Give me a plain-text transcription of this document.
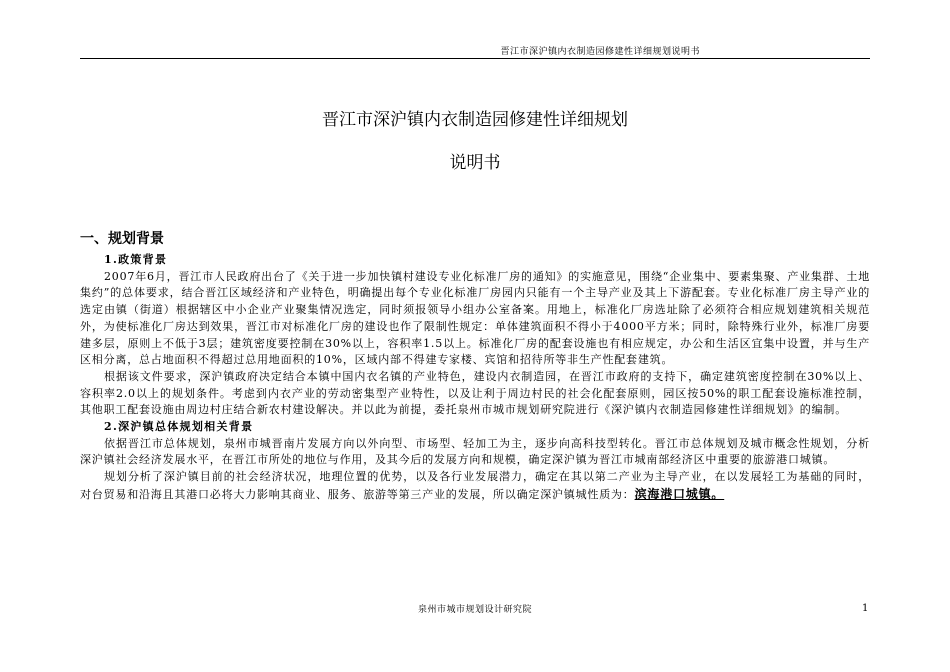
晋江市深沪镇内衣制造园修建性详细规划说明书
晋江市深沪镇内衣制造园修建性详细规划
说明书
一、规划背景

1.政策背景

2007年6月，晋江市人民政府出台了《关于进一步加快镇村建设专业化标准厂房的通知》的实施意见，围绕“企业集中、要素集聚、产业集群、土地集约”的总体要求，结合晋江区域经济和产业特色，明确提出每个专业化标准厂房园内只能有一个主导产业及其上下游配套。专业化标准厂房主导产业的选定由镇（街道）根据辖区中小企业产业聚集情况选定，同时须报领导小组办公室备案。用地上，标准化厂房选址除了必须符合相应规划建筑相关规范外，为使标准化厂房达到效果，晋江市对标准化厂房的建设也作了限制性规定：单体建筑面积不得小于4000平方米；同时，除特殊行业外，标准厂房要建多层，原则上不低于3层；建筑密度要控制在30%以上，容积率1.5以上。标准化厂房的配套设施也有相应规定，办公和生活区宜集中设置，并与生产区相分离，总占地面积不得超过总用地面积的10%，区域内部不得建专家楼、宾馆和招待所等非生产性配套建筑。

根据该文件要求，深沪镇政府决定结合本镇中国内衣名镇的产业特色，建设内衣制造园，在晋江市政府的支持下，确定建筑密度控制在30%以上、容积率2.0以上的规划条件。考虑到内衣产业的劳动密集型产业特性，以及让利于周边村民的社会化配套原则，园区按50%的职工配套设施标准控制，其他职工配套设施由周边村庄结合新农村建设解决。并以此为前提，委托泉州市城市规划研究院进行《深沪镇内衣制造园修建性详细规划》的编制。

2.深沪镇总体规划相关背景

依据晋江市总体规划，泉州市城晋南片发展方向以外向型、市场型、轻加工为主，逐步向高科技型转化。晋江市总体规划及城市概念性规划，分析深沪镇社会经济发展水平，在晋江市所处的地位与作用，及其今后的发展方向和规模，确定深沪镇为晋江市城南部经济区中重要的旅游港口城镇。

规划分析了深沪镇目前的社会经济状况，地理位置的优势，以及各行业发展潜力，确定在其以第二产业为主导产业，在以发展轻工为基础的同时，对台贸易和沿海且其港口必将大力影响其商业、服务、旅游等第三产业的发展，所以确定深沪镇城性质为：滨海港口城镇。

泉州市城市规划设计研究院	1
